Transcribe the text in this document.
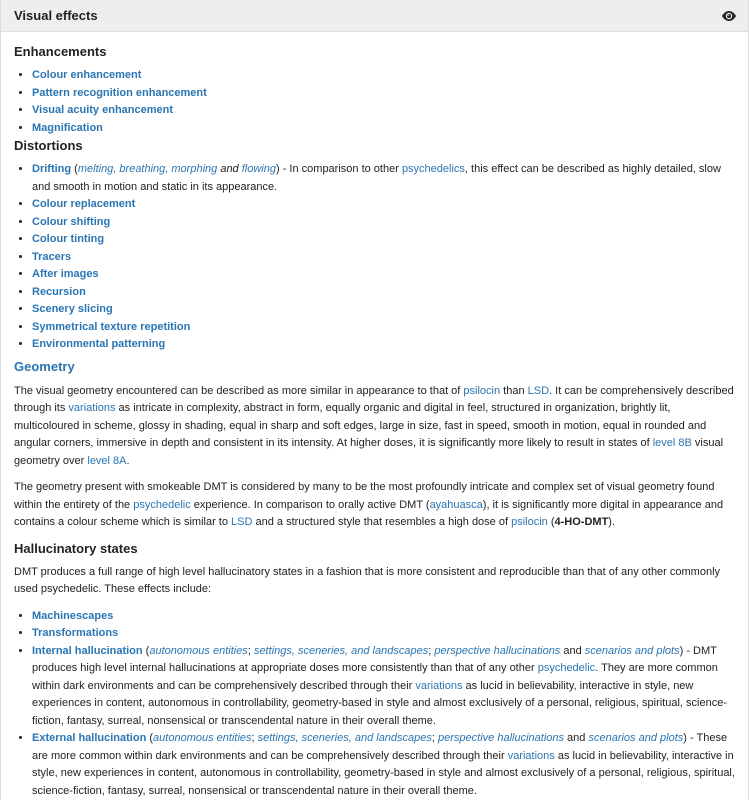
Visual effects
Enhancements
• Colour enhancement
• Pattern recognition enhancement
• Visual acuity enhancement
• Magnification
Distortions
• Drifting (melting, breathing, morphing and flowing) - In comparison to other psychedelics, this effect can be described as highly detailed, slow and smooth in motion and static in its appearance.
• Colour replacement
• Colour shifting
• Colour tinting
• Tracers
• After images
• Recursion
• Scenery slicing
• Symmetrical texture repetition
• Environmental patterning
Geometry

The visual geometry encountered can be described as more similar in appearance to that of psilocin than LSD. It can be comprehensively described through its variations as intricate in complexity, abstract in form, equally organic and digital in feel, structured in organization, brightly lit, multicoloured in scheme, glossy in shading, equal in sharp and soft edges, large in size, fast in speed, smooth in motion, equal in rounded and angular corners, immersive in depth and consistent in its intensity. At higher doses, it is significantly more likely to result in states of level 8B visual geometry over level 8A.

The geometry present with smokeable DMT is considered by many to be the most profoundly intricate and complex set of visual geometry found within the entirety of the psychedelic experience. In comparison to orally active DMT (ayahuasca), it is significantly more digital in appearance and contains a colour scheme which is similar to LSD and a structured style that resembles a high dose of psilocin (4-HO-DMT).

Hallucinatory states

DMT produces a full range of high level hallucinatory states in a fashion that is more consistent and reproducible than that of any other commonly used psychedelic. These effects include:

• Machinescapes
• Transformations
• Internal hallucination (autonomous entities; settings, sceneries, and landscapes; perspective hallucinations and scenarios and plots) - DMT produces high level internal hallucinations at appropriate doses more consistently than that of any other psychedelic. They are more common within dark environments and can be comprehensively described through their variations as lucid in believability, interactive in style, new experiences in content, autonomous in controllability, geometry-based in style and almost exclusively of a personal, religious, spiritual, science-fiction, fantasy, surreal, nonsensical or transcendental nature in their overall theme.
• External hallucination (autonomous entities; settings, sceneries, and landscapes; perspective hallucinations and scenarios and plots) - These are more common within dark environments and can be comprehensively described through their variations as lucid in believability, interactive in style, new experiences in content, autonomous in controllability, geometry-based in style and almost exclusively of a personal, religious, spiritual, science-fiction, fantasy, surreal, nonsensical or transcendental nature in their overall theme.
